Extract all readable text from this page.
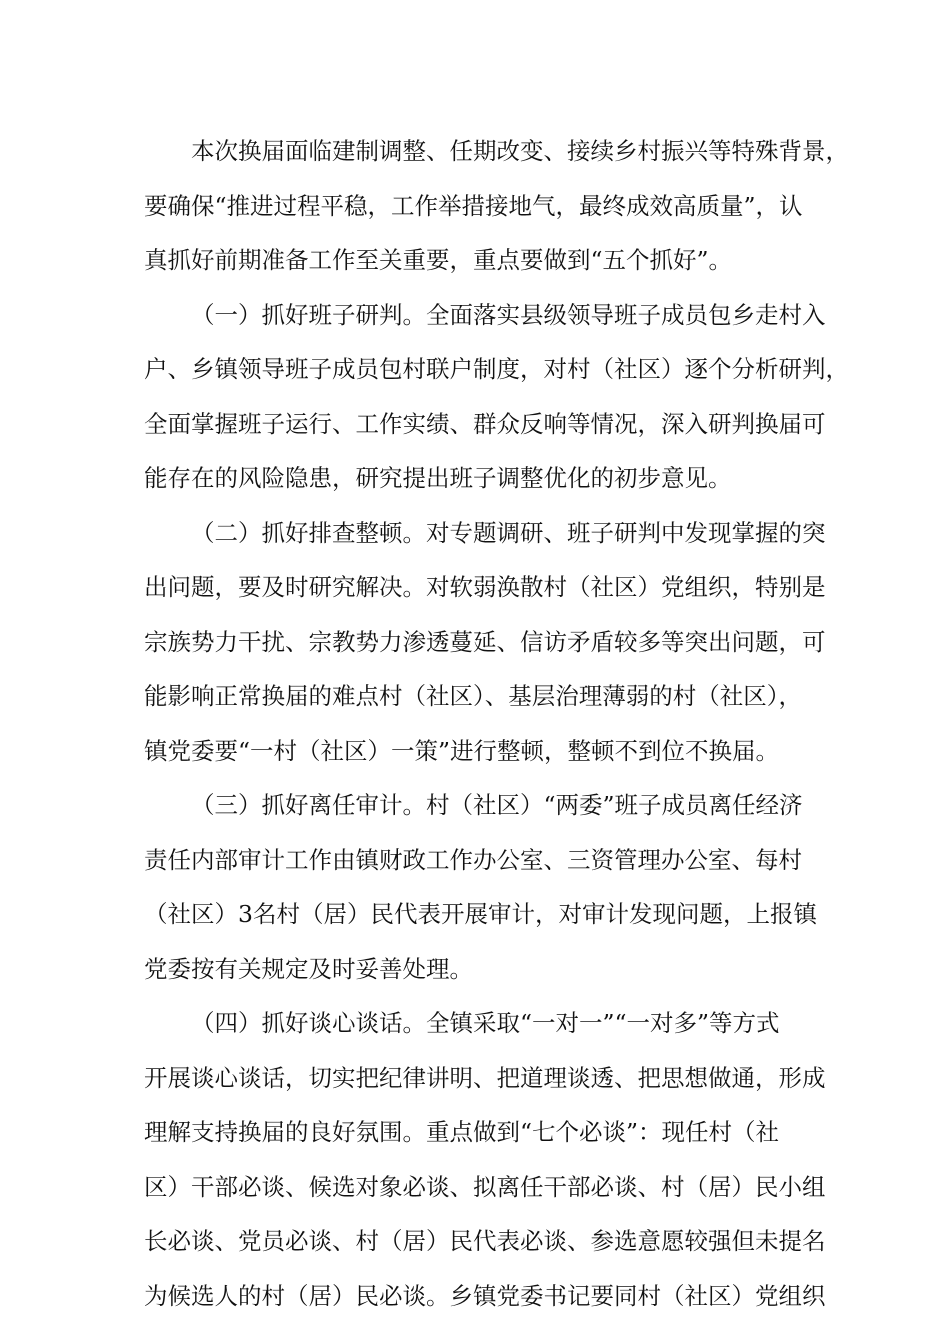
本次换届面临建制调整、任期改变、接续乡村振兴等特殊背景，
要确保“推进过程平稳，工作举措接地气，最终成效高质量”，认
真抓好前期准备工作至关重要，重点要做到“五个抓好”。
（一）抓好班子研判。全面落实县级领导班子成员包乡走村入
户、乡镇领导班子成员包村联户制度，对村（社区）逐个分析研判，
全面掌握班子运行、工作实绩、群众反响等情况，深入研判换届可
能存在的风险隐患，研究提出班子调整优化的初步意见。
（二）抓好排查整顿。对专题调研、班子研判中发现掌握的突
出问题，要及时研究解决。对软弱涣散村（社区）党组织，特别是
宗族势力干扰、宗教势力渗透蔓延、信访矛盾较多等突出问题，可
能影响正常换届的难点村（社区）、基层治理薄弱的村（社区），
镇党委要“一村（社区）一策”进行整顿，整顿不到位不换届。
（三）抓好离任审计。村（社区）“两委”班子成员离任经济
责任内部审计工作由镇财政工作办公室、三资管理办公室、每村
（社区）3名村（居）民代表开展审计，对审计发现问题，上报镇
党委按有关规定及时妥善处理。
（四）抓好谈心谈话。全镇采取“一对一”“一对多”等方式
开展谈心谈话，切实把纪律讲明、把道理谈透、把思想做通，形成
理解支持换届的良好氛围。重点做到“七个必谈”：现任村（社
区）干部必谈、候选对象必谈、拟离任干部必谈、村（居）民小组
长必谈、党员必谈、村（居）民代表必谈、参选意愿较强但未提名
为候选人的村（居）民必谈。乡镇党委书记要同村（社区）党组织
